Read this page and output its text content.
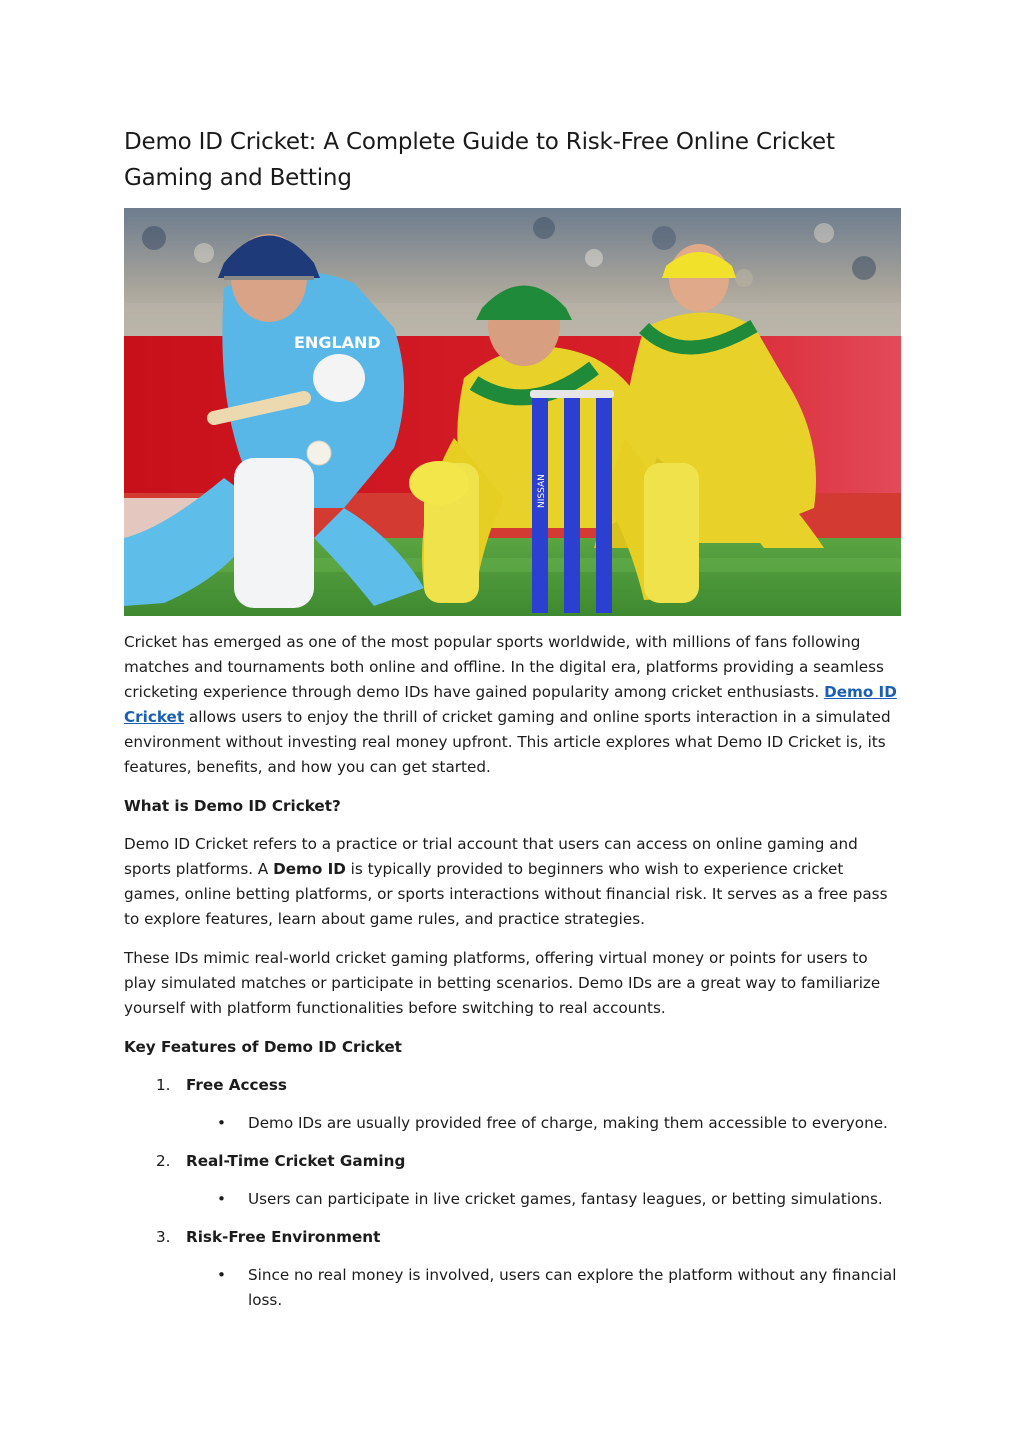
Demo ID Cricket: A Complete Guide to Risk-Free Online Cricket
Gaming and Betting
NISSAN
ENGLAND

Cricket has emerged as one of the most popular sports worldwide, with millions of fans following matches and tournaments both online and offline. In the digital era, platforms providing a seamless cricketing experience through demo IDs have gained popularity among cricket enthusiasts. Demo ID Cricket allows users to enjoy the thrill of cricket gaming and online sports interaction in a simulated environment without investing real money upfront. This article explores what Demo ID Cricket is, its features, benefits, and how you can get started.

What is Demo ID Cricket?

Demo ID Cricket refers to a practice or trial account that users can access on online gaming and sports platforms. A Demo ID is typically provided to beginners who wish to experience cricket games, online betting platforms, or sports interactions without financial risk. It serves as a free pass to explore features, learn about game rules, and practice strategies.

These IDs mimic real-world cricket gaming platforms, offering virtual money or points for users to play simulated matches or participate in betting scenarios. Demo IDs are a great way to familiarize yourself with platform functionalities before switching to real accounts.

Key Features of Demo ID Cricket
1.	Free Access
• Demo IDs are usually provided free of charge, making them accessible to everyone.
2.	Real-Time Cricket Gaming
• Users can participate in live cricket games, fantasy leagues, or betting simulations.
3.	Risk-Free Environment
• Since no real money is involved, users can explore the platform without any financial loss.
